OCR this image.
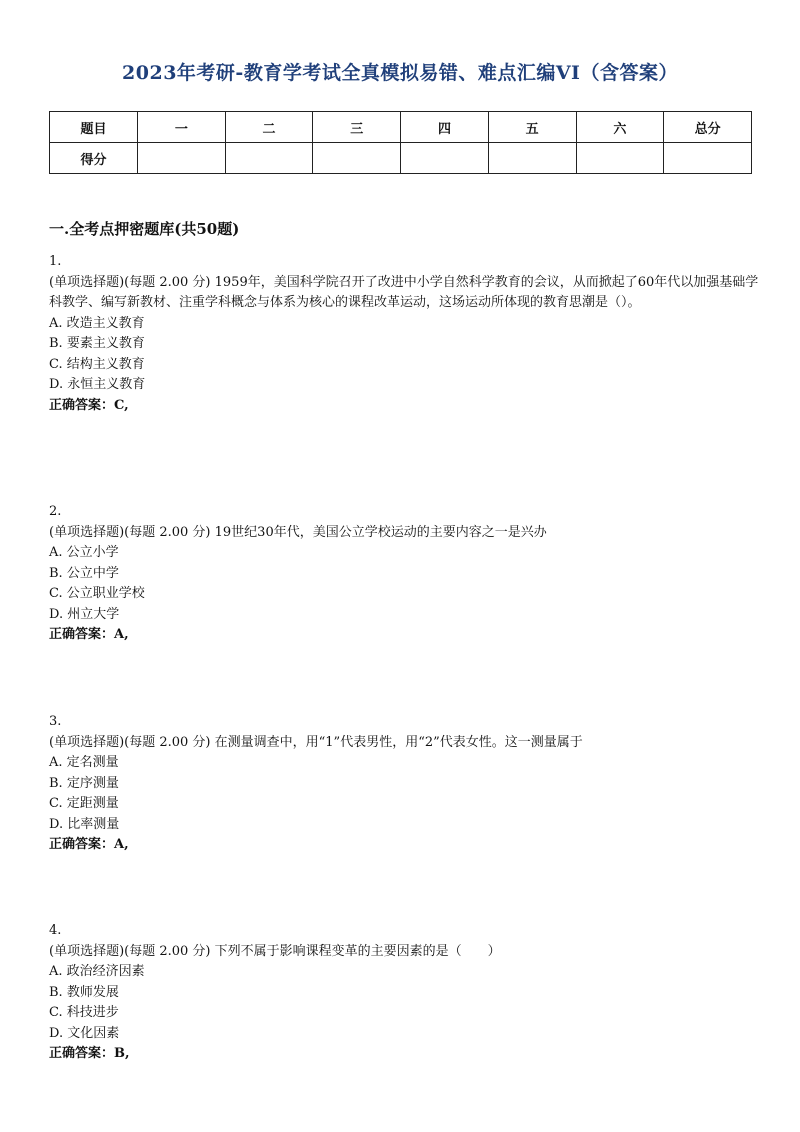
2023年考研-教育学考试全真模拟易错、难点汇编VI（含答案）
题目	一	二	三	四	五	六	总分
得分							
一.全考点押密题库(共50题)
1.
(单项选择题)(每题 2.00 分) 1959年，美国科学院召开了改进中小学自然科学教育的会议，从而掀起了60年代以加强基础学科教学、编写新教材、注重学科概念与体系为核心的课程改革运动，这场运动所体现的教育思潮是（）。
A. 改造主义教育
B. 要素主义教育
C. 结构主义教育
D. 永恒主义教育
正确答案：C,
2.
(单项选择题)(每题 2.00 分) 19世纪30年代，美国公立学校运动的主要内容之一是兴办
A. 公立小学
B. 公立中学
C. 公立职业学校
D. 州立大学
正确答案：A,
3.
(单项选择题)(每题 2.00 分) 在测量调查中，用“1”代表男性，用“2”代表女性。这一测量属于
A. 定名测量
B. 定序测量
C. 定距测量
D. 比率测量
正确答案：A,
4.
(单项选择题)(每题 2.00 分) 下列不属于影响课程变革的主要因素的是（　　）
A. 政治经济因素
B. 教师发展
C. 科技进步
D. 文化因素
正确答案：B,
